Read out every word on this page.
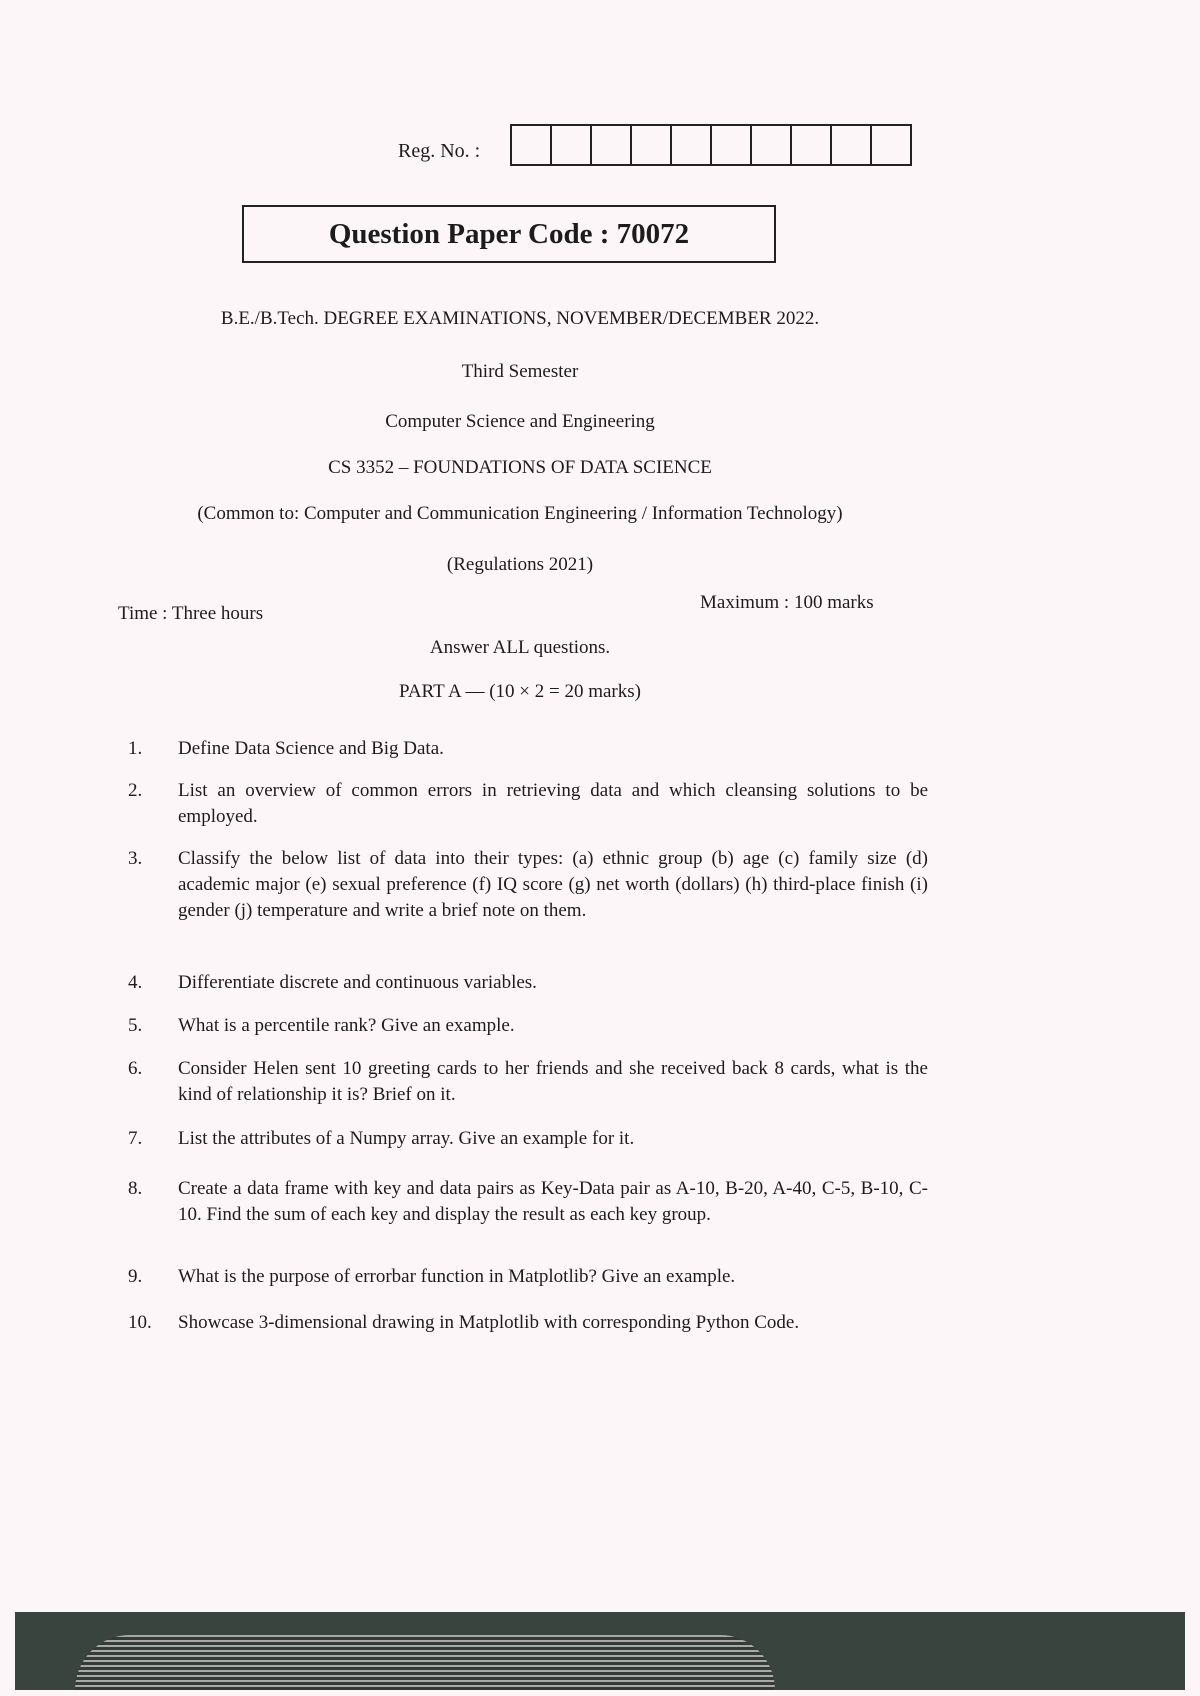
Reg. No. :
Question Paper Code : 70072
B.E./B.Tech. DEGREE EXAMINATIONS, NOVEMBER/DECEMBER 2022.
Third Semester
Computer Science and Engineering
CS 3352 – FOUNDATIONS OF DATA SCIENCE
(Common to: Computer and Communication Engineering / Information Technology)
(Regulations 2021)
Time : Three hours
Maximum : 100 marks
Answer ALL questions.
PART A — (10 × 2 = 20 marks)
1.	Define Data Science and Big Data.
2.	List an overview of common errors in retrieving data and which cleansing solutions to be employed.
3.	Classify the below list of data into their types: (a) ethnic group (b) age (c) family size (d) academic major (e) sexual preference (f) IQ score (g) net worth (dollars) (h) third-place finish (i) gender (j) temperature and write a brief note on them.
4.	Differentiate discrete and continuous variables.
5.	What is a percentile rank? Give an example.
6.	Consider Helen sent 10 greeting cards to her friends and she received back 8 cards, what is the kind of relationship it is? Brief on it.
7.	List the attributes of a Numpy array. Give an example for it.
8.	Create a data frame with key and data pairs as Key-Data pair as A-10, B-20, A-40, C-5, B-10, C-10. Find the sum of each key and display the result as each key group.
9.	What is the purpose of errorbar function in Matplotlib? Give an example.
10.	Showcase 3-dimensional drawing in Matplotlib with corresponding Python Code.
